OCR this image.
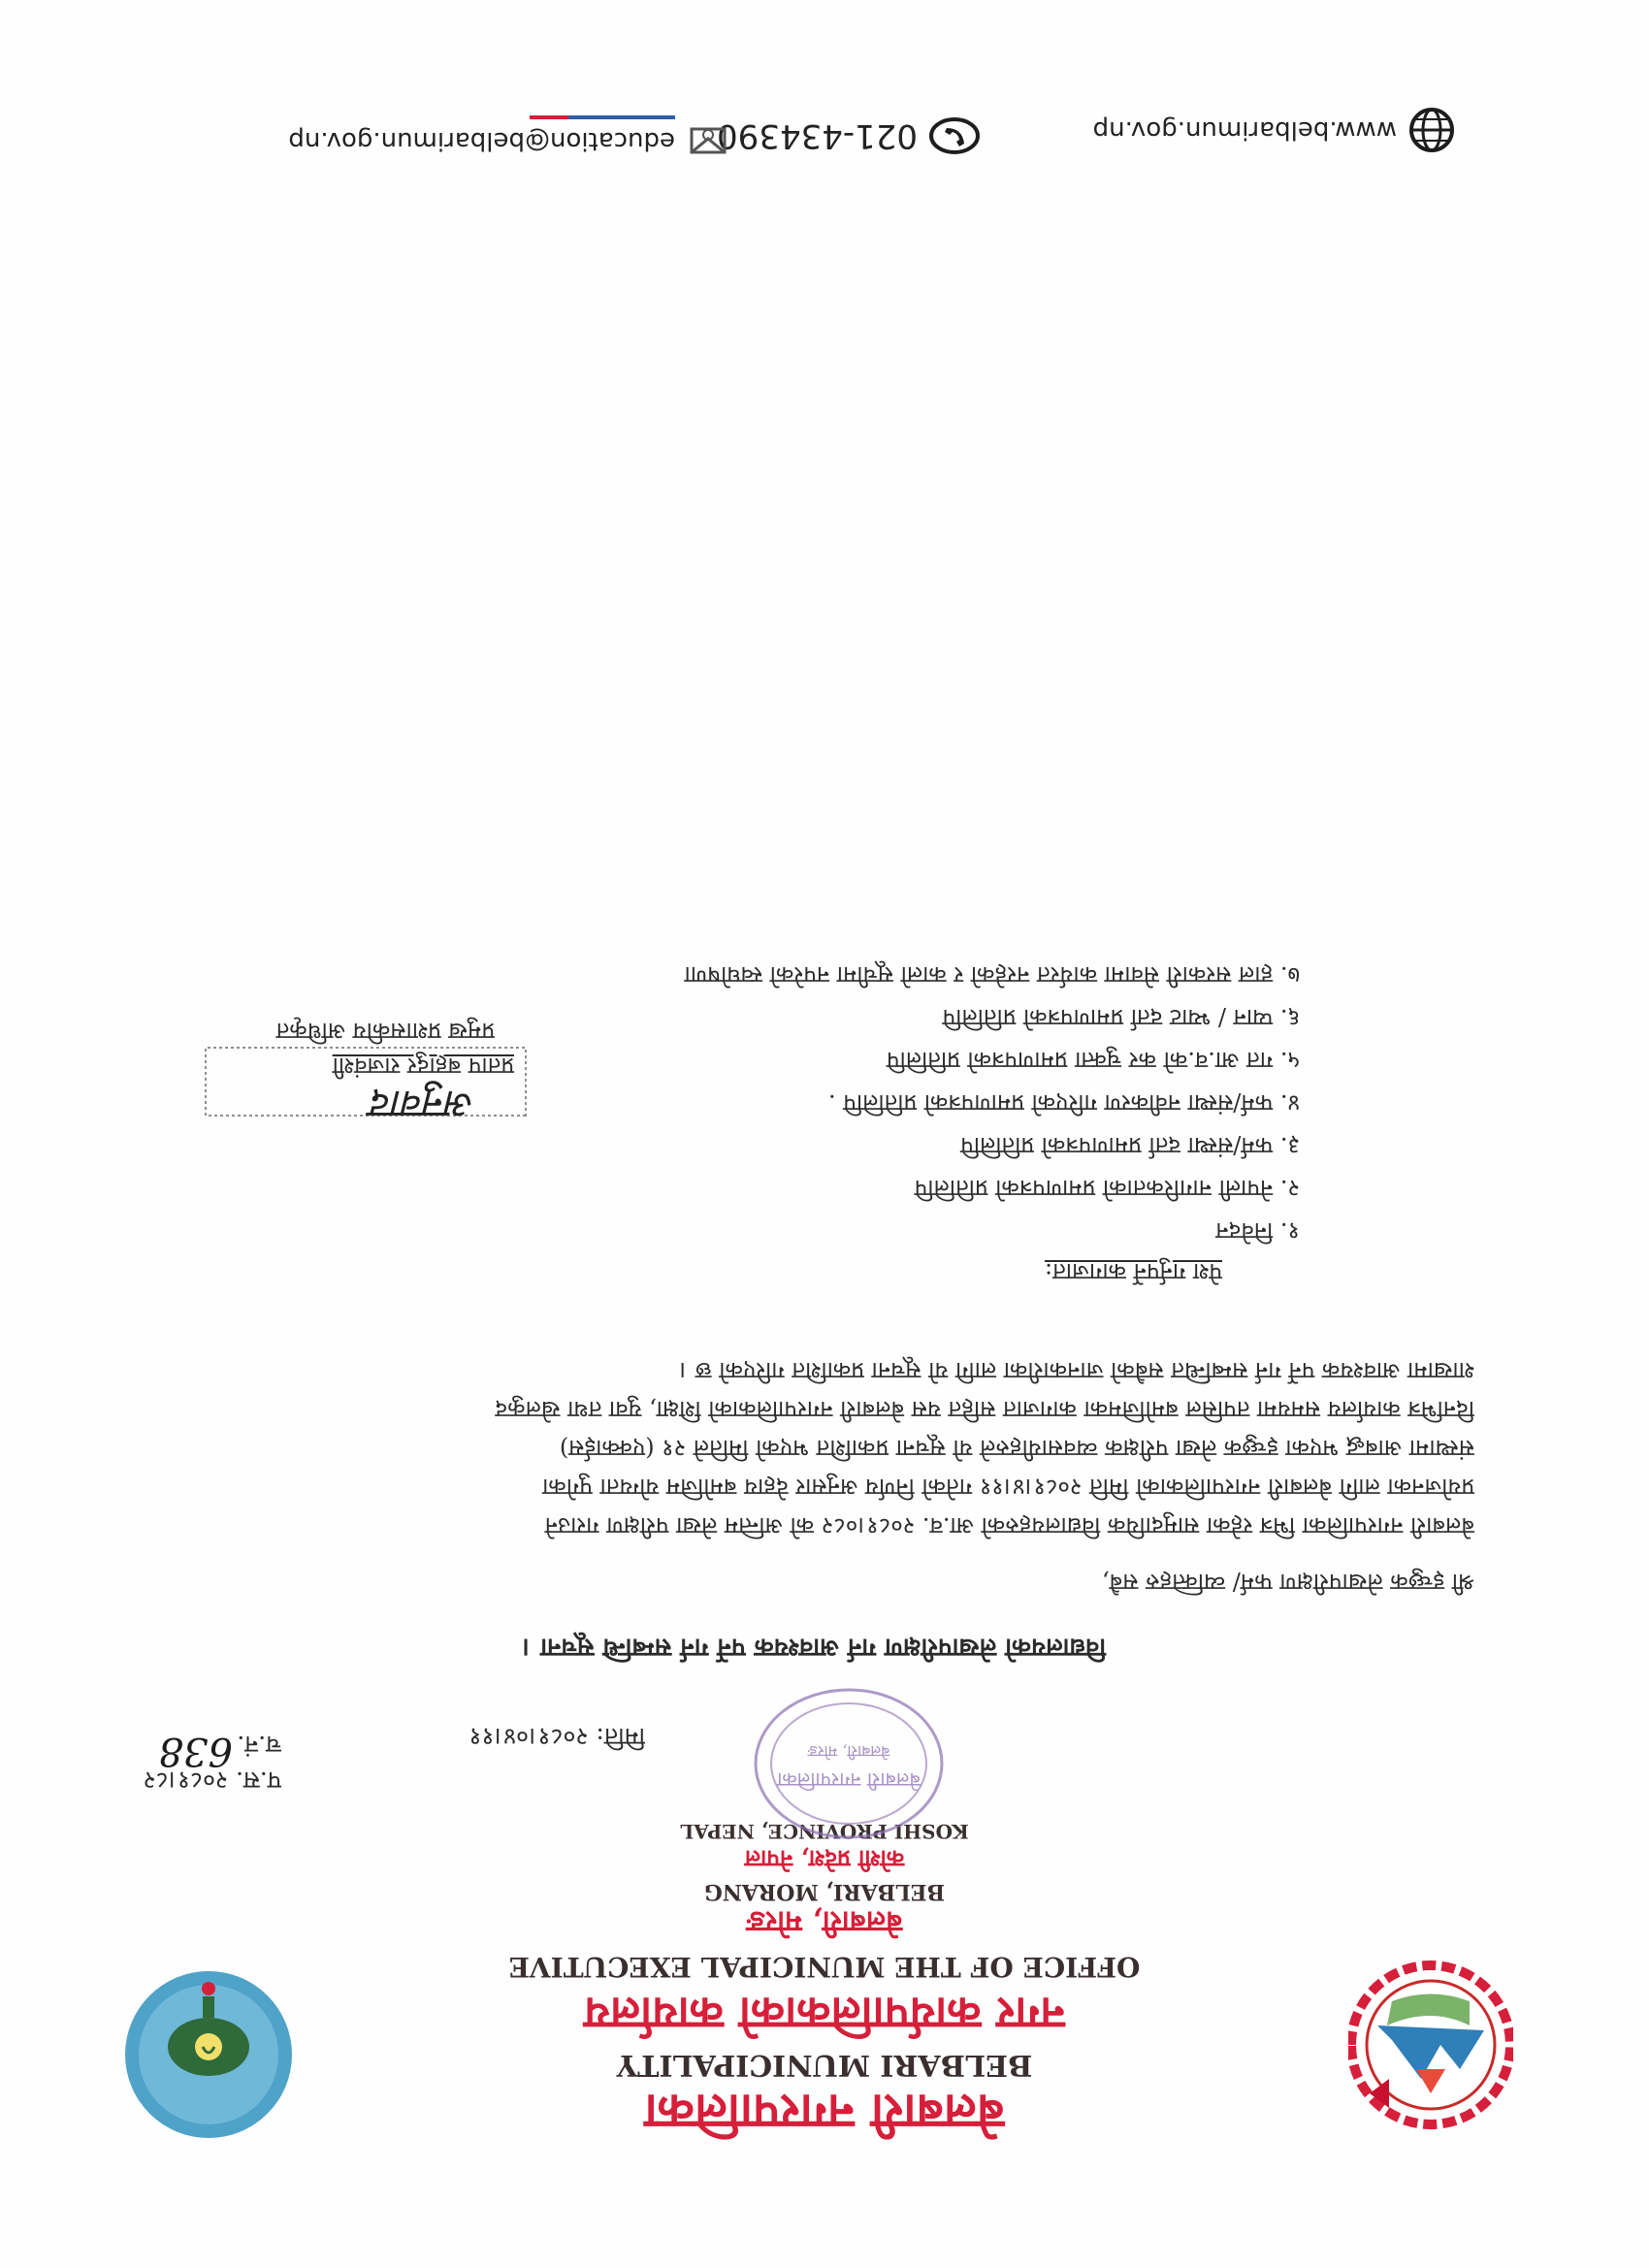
बेलबारी नगरपालिका
BELBARI MUNICIPALITY
नगर कार्यपालिकाको कार्यालय
OFFICE OF THE MUNICIPAL EXECUTIVE
बेलबारी, मोरङ
BELBARI, MORANG
कोशी प्रदेश, नेपाल
KOSHI PROVINCE, NEPAL
बेलबारी नगरपालिका
बेलबारी, मोरङ
प.स. २०८१।८२
च.नं.
638	मिति: २०८१।०४।११
विद्यालयको लेखापरीक्षण गर्न आवश्यक पर्ने गर्न सम्बन्धि सूचना ।
श्री इच्छुक लेखापरीक्षण फर्म/ व्यक्तिहरु सबै,
बेलबारी नगरपालिका भित्र रहेका सामुदायिक विद्यालयहरुको आ.व. २०८१।०८२ को अन्तिम लेखा परीक्षण गराउने
प्रयोजनका लागि बेलबारी नगरपालिकाको मिति २०८१।४।११ गतेको निर्णय अनुसार देहाय बमोजिम योग्यता पुगेका
संस्थामा आबद्ध भएका इच्छुक लेखा परीक्षक व्यवसायीहरुले यो सूचना प्रकाशित भएको मितिले २१ (एक्काईस)
दिनभित्र कार्यालय समयमा तपसिल बमोजिमका कागजात सहित यस बेलबारी नगरपालिकाको शिक्षा, युवा तथा खेलकुद
शाखामा आवश्यक पर्ने गर्न सम्बन्धित सबैको जानकारीका लागि यो सूचना प्रकाशित गरिएको छ ।
पेश गर्नुपर्ने कागजात:
१. निवेदन
२. नेपाली नागरिकताको प्रमाणपत्रको प्रतिलिपि
३. फर्म/संस्था दर्ता प्रमाणपत्रको प्रतिलिपि
४. फर्म/संस्था नवीकरण गरिएको प्रमाणपत्रको प्रतिलिपि .
५. गत आ.व.को कर चुक्ता प्रमाणपत्रको प्रतिलिपि
६. प्यान / भ्याट दर्ता प्रमाणपत्रको प्रतिलिपि
७. हाल सरकारी सेवामा कार्यरत नरहेको र कालो सूचीमा नपरेको स्वघोषणा
अनुवाद
प्रताप बहादुर राजवंशी
प्रमुख प्रशासकीय अधिकृत
www.belbarimun.gov.np
021-434390
education@belbarimun.gov.np
